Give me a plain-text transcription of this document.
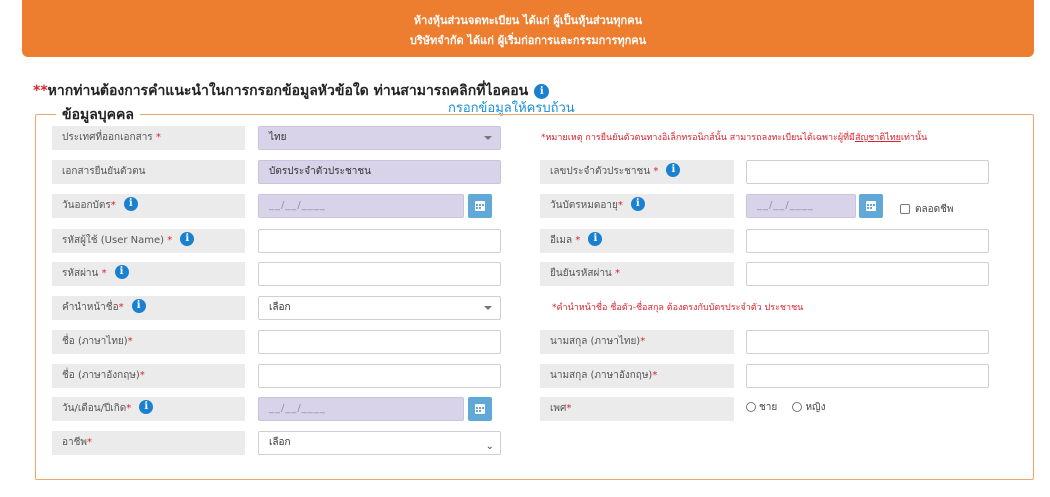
ห้างหุ้นส่วนจดทะเบียน ได้แก่ ผู้เป็นหุ้นส่วนทุกคน
บริษัทจำกัด ได้แก่ ผู้เริ่มก่อการและกรรมการทุกคน
**หากท่านต้องการคำแนะนำในการกรอกข้อมูลหัวข้อใด ท่านสามารถคลิกที่ไอคอน i
กรอกข้อมูลให้ครบถ้วน
ข้อมูลบุคคล
ประเทศที่ออกเอกสาร *	ไทย	*หมายเหตุ การยืนยันตัวตนทางอิเล็กทรอนิกส์นั้น สามารถลงทะเบียนได้เฉพาะผู้ที่มีสัญชาติไทยเท่านั้น
เอกสารยืนยันตัวตน	บัตรประจำตัวประชาชน	เลขประจำตัวประชาชน * i
วันออกบัตร* i	__/__/____	วันบัตรหมดอายุ* i	__/__/____	ตลอดชีพ
รหัสผู้ใช้ (User Name) * i	อีเมล * i
รหัสผ่าน * i	ยืนยันรหัสผ่าน *
คำนำหน้าชื่อ* i	เลือก	*คำนำหน้าชื่อ ชื่อตัว-ชื่อสกุล ต้องตรงกับบัตรประจำตัว ประชาชน
ชื่อ (ภาษาไทย)*	นามสกุล (ภาษาไทย)*
ชื่อ (ภาษาอังกฤษ)*	นามสกุล (ภาษาอังกฤษ)*
วัน/เดือน/ปีเกิด* i	__/__/____	เพศ*	ชาย	หญิง
อาชีพ*	เลือก	⌄
